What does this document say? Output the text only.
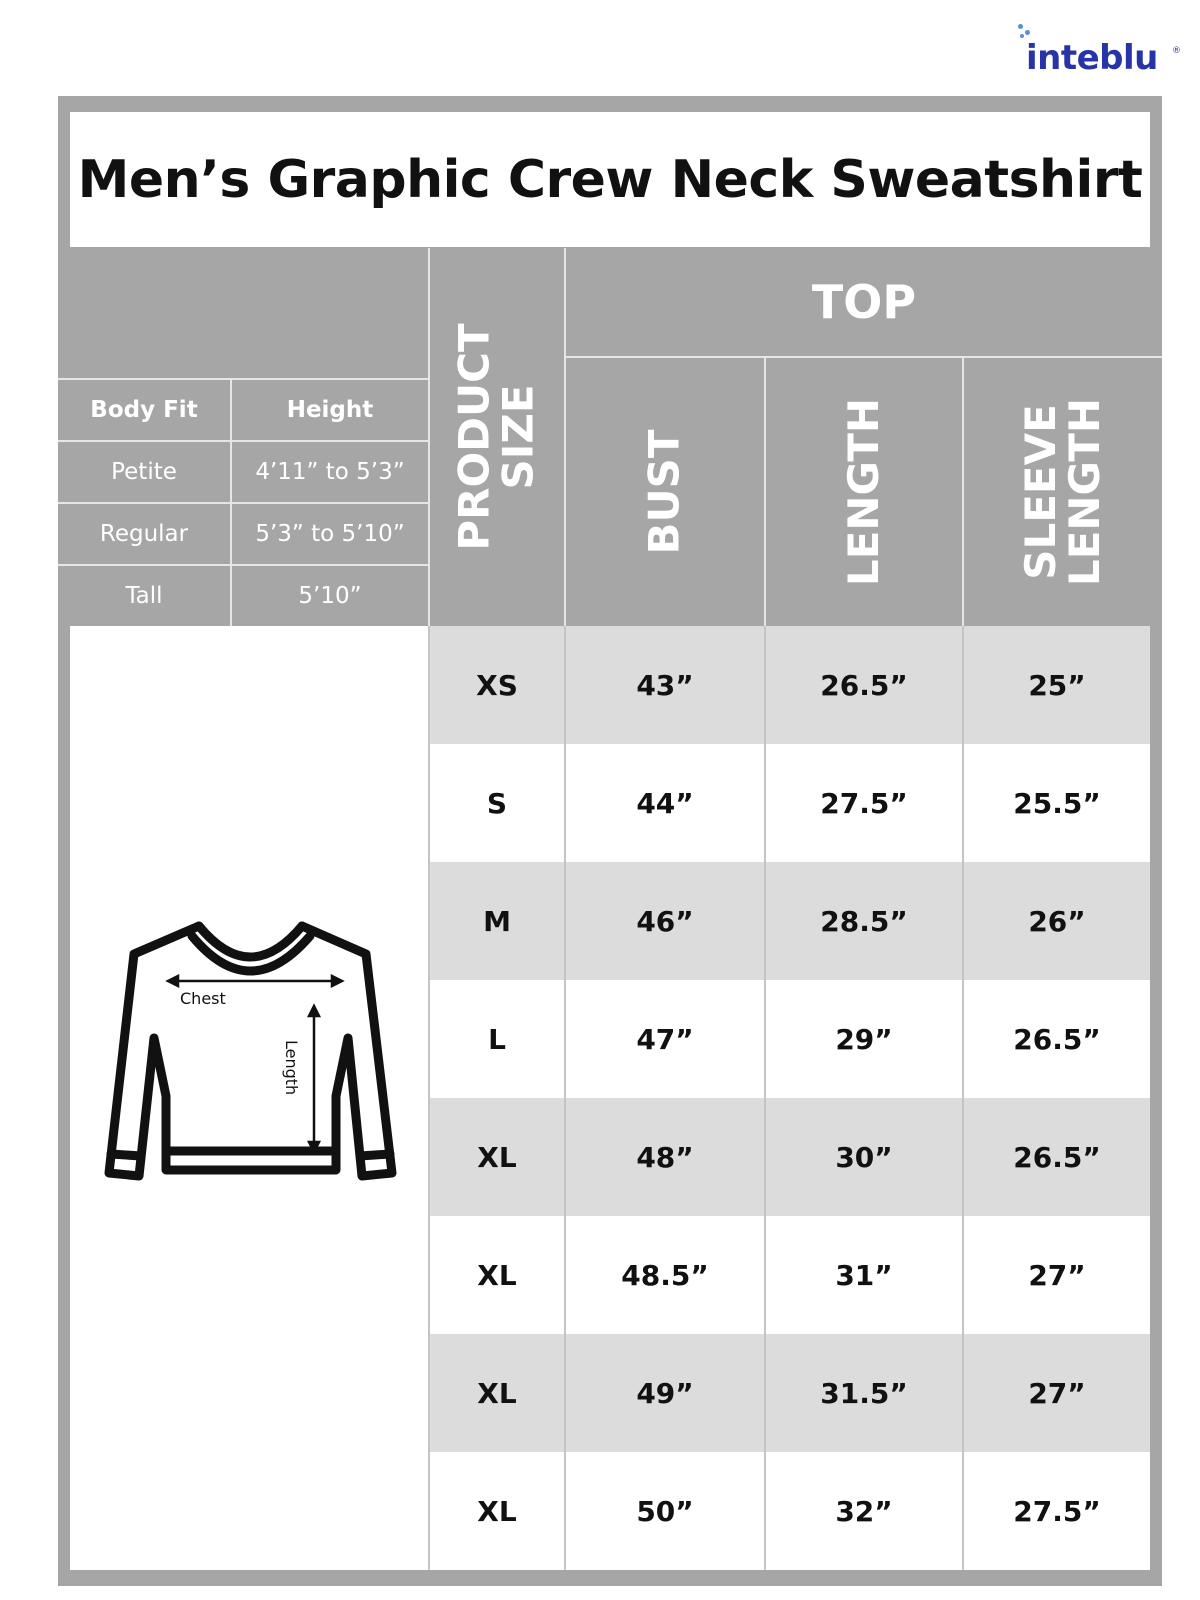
inteblu ®
Men’s Graphic Crew Neck Sweatshirt
Body Fit	Height
Petite	4’11” to 5’3”
Regular	5’3” to 5’10”
Tall	5’10”
PRODUCT
SIZE
TOP
BUST	LENGTH	SLEEVE
LENGTH
XS	43”	26.5”	25”
S	44”	27.5”	25.5”
M	46”	28.5”	26”
L	47”	29”	26.5”
XL	48”	30”	26.5”
XL	48.5”	31”	27”
XL	49”	31.5”	27”
XL	50”	32”	27.5”
Chest
Length
